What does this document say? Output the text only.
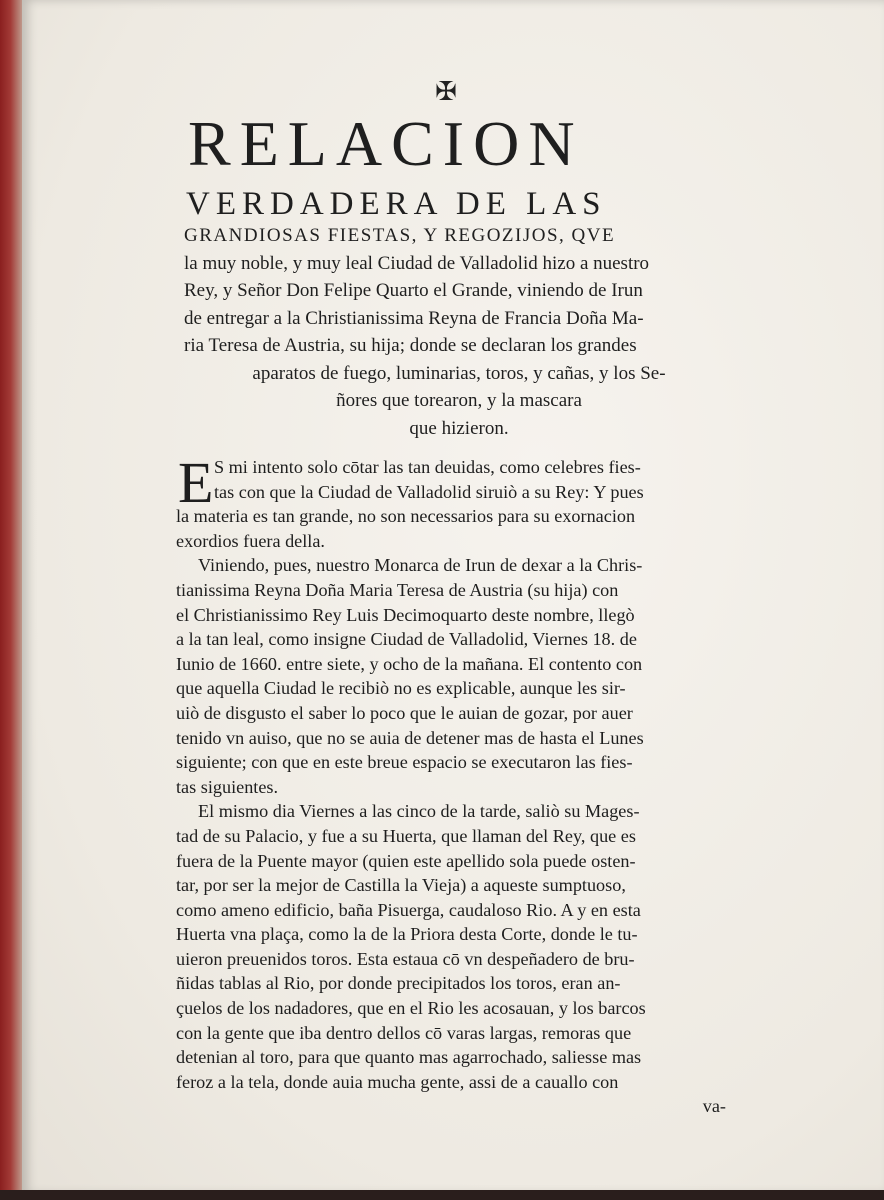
✠
RELACION
VERDADERA DE LAS
GRANDIOSAS FIESTAS, Y REGOZIJOS, QVE
la muy noble, y muy leal Ciudad de Valladolid hizo a nuestro
Rey, y Señor Don Felipe Quarto el Grande, viniendo de Irun
de entregar a la Christianissima Reyna de Francia Doña Ma-
ria Teresa de Austria, su hija; donde se declaran los grandes
aparatos de fuego, luminarias, toros, y cañas, y los Se-
ñores que torearon, y la mascara
que hizieron.
E S mi intento solo cōtar las tan deuidas, como celebres fies-
tas con que la Ciudad de Valladolid siruiò a su Rey: Y pues
la materia es tan grande, no son necessarios para su exornacion
exordios fuera della.
Viniendo, pues, nuestro Monarca de Irun de dexar a la Chris-
tianissima Reyna Doña Maria Teresa de Austria (su hija) con
el Christianissimo Rey Luis Decimoquarto deste nombre, llegò
a la tan leal, como insigne Ciudad de Valladolid, Viernes 18. de
Iunio de 1660. entre siete, y ocho de la mañana. El contento con
que aquella Ciudad le recibiò no es explicable, aunque les sir-
uiò de disgusto el saber lo poco que le auian de gozar, por auer
tenido vn auiso, que no se auia de detener mas de hasta el Lunes
siguiente; con que en este breue espacio se executaron las fies-
tas siguientes.
El mismo dia Viernes a las cinco de la tarde, saliò su Mages-
tad de su Palacio, y fue a su Huerta, que llaman del Rey, que es
fuera de la Puente mayor (quien este apellido sola puede osten-
tar, por ser la mejor de Castilla la Vieja) a aqueste sumptuoso,
como ameno edificio, baña Pisuerga, caudaloso Rio. A y en esta
Huerta vna plaça, como la de la Priora desta Corte, donde le tu-
uieron preuenidos toros. Esta estaua cō vn despeñadero de bru-
ñidas tablas al Rio, por donde precipitados los toros, eran an-
çuelos de los nadadores, que en el Rio les acosauan, y los barcos
con la gente que iba dentro dellos cō varas largas, remoras que
detenian al toro, para que quanto mas agarrochado, saliesse mas
feroz a la tela, donde auia mucha gente, assi de a cauallo con
va-
